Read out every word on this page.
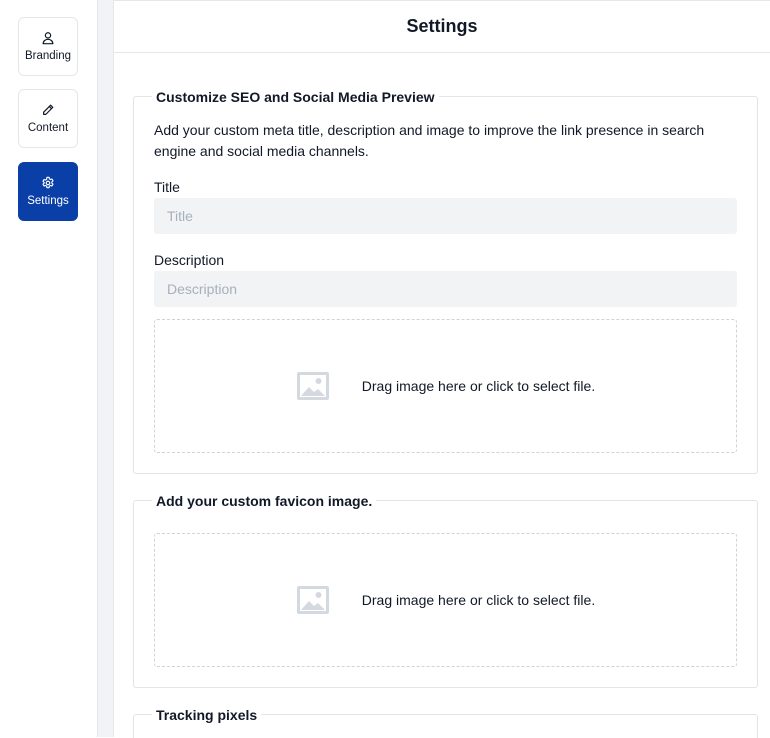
Branding
Content
Settings
Settings
Customize SEO and Social Media Preview
Add your custom meta title, description and image to improve the link presence in search engine and social media channels.
Title
Title
Description
Description
Drag image here or click to select file.
Add your custom favicon image.
Drag image here or click to select file.
Tracking pixels
